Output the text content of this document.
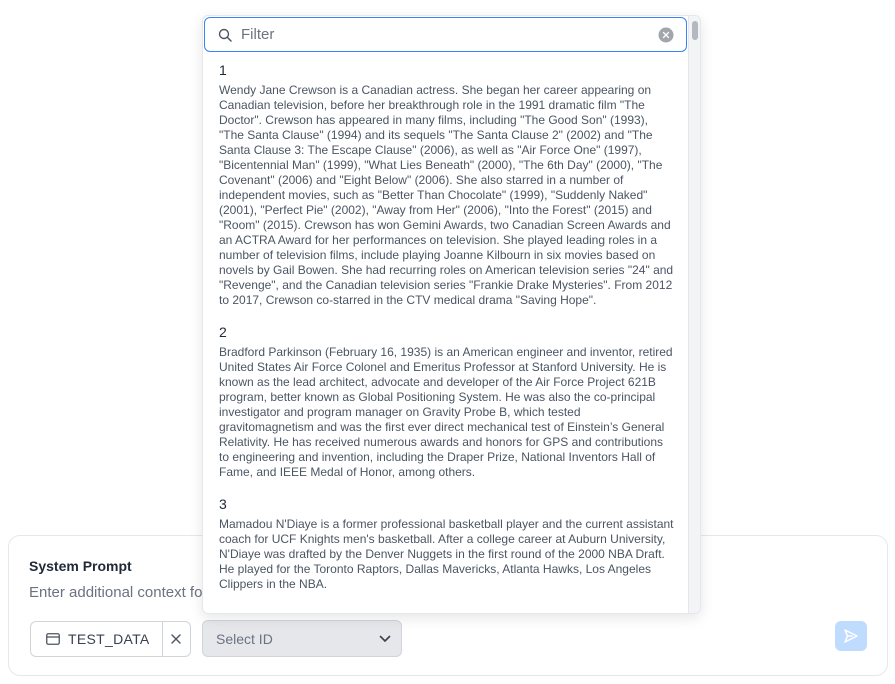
System Prompt
Enter additional context for the model
TEST_DATA	Select ID
Filter
1
Wendy Jane Crewson is a Canadian actress. She began her career appearing on Canadian television, before her breakthrough role in the 1991 dramatic film "The Doctor". Crewson has appeared in many films, including "The Good Son" (1993), "The Santa Clause" (1994) and its sequels "The Santa Clause 2" (2002) and "The Santa Clause 3: The Escape Clause" (2006), as well as "Air Force One" (1997), "Bicentennial Man" (1999), "What Lies Beneath" (2000), "The 6th Day" (2000), "The Covenant" (2006) and "Eight Below" (2006). She also starred in a number of independent movies, such as "Better Than Chocolate" (1999), "Suddenly Naked" (2001), "Perfect Pie" (2002), "Away from Her" (2006), "Into the Forest" (2015) and "Room" (2015). Crewson has won Gemini Awards, two Canadian Screen Awards and an ACTRA Award for her performances on television. She played leading roles in a number of television films, include playing Joanne Kilbourn in six movies based on novels by Gail Bowen. She had recurring roles on American television series "24" and "Revenge", and the Canadian television series "Frankie Drake Mysteries". From 2012 to 2017, Crewson co-starred in the CTV medical drama "Saving Hope".
2
Bradford Parkinson (February 16, 1935) is an American engineer and inventor, retired United States Air Force Colonel and Emeritus Professor at Stanford University. He is known as the lead architect, advocate and developer of the Air Force Project 621B program, better known as Global Positioning System. He was also the co-principal investigator and program manager on Gravity Probe B, which tested gravitomagnetism and was the first ever direct mechanical test of Einstein’s General Relativity. He has received numerous awards and honors for GPS and contributions to engineering and invention, including the Draper Prize, National Inventors Hall of Fame, and IEEE Medal of Honor, among others.
3
Mamadou N'Diaye is a former professional basketball player and the current assistant coach for UCF Knights men's basketball. After a college career at Auburn University, N'Diaye was drafted by the Denver Nuggets in the first round of the 2000 NBA Draft. He played for the Toronto Raptors, Dallas Mavericks, Atlanta Hawks, Los Angeles Clippers in the NBA.
